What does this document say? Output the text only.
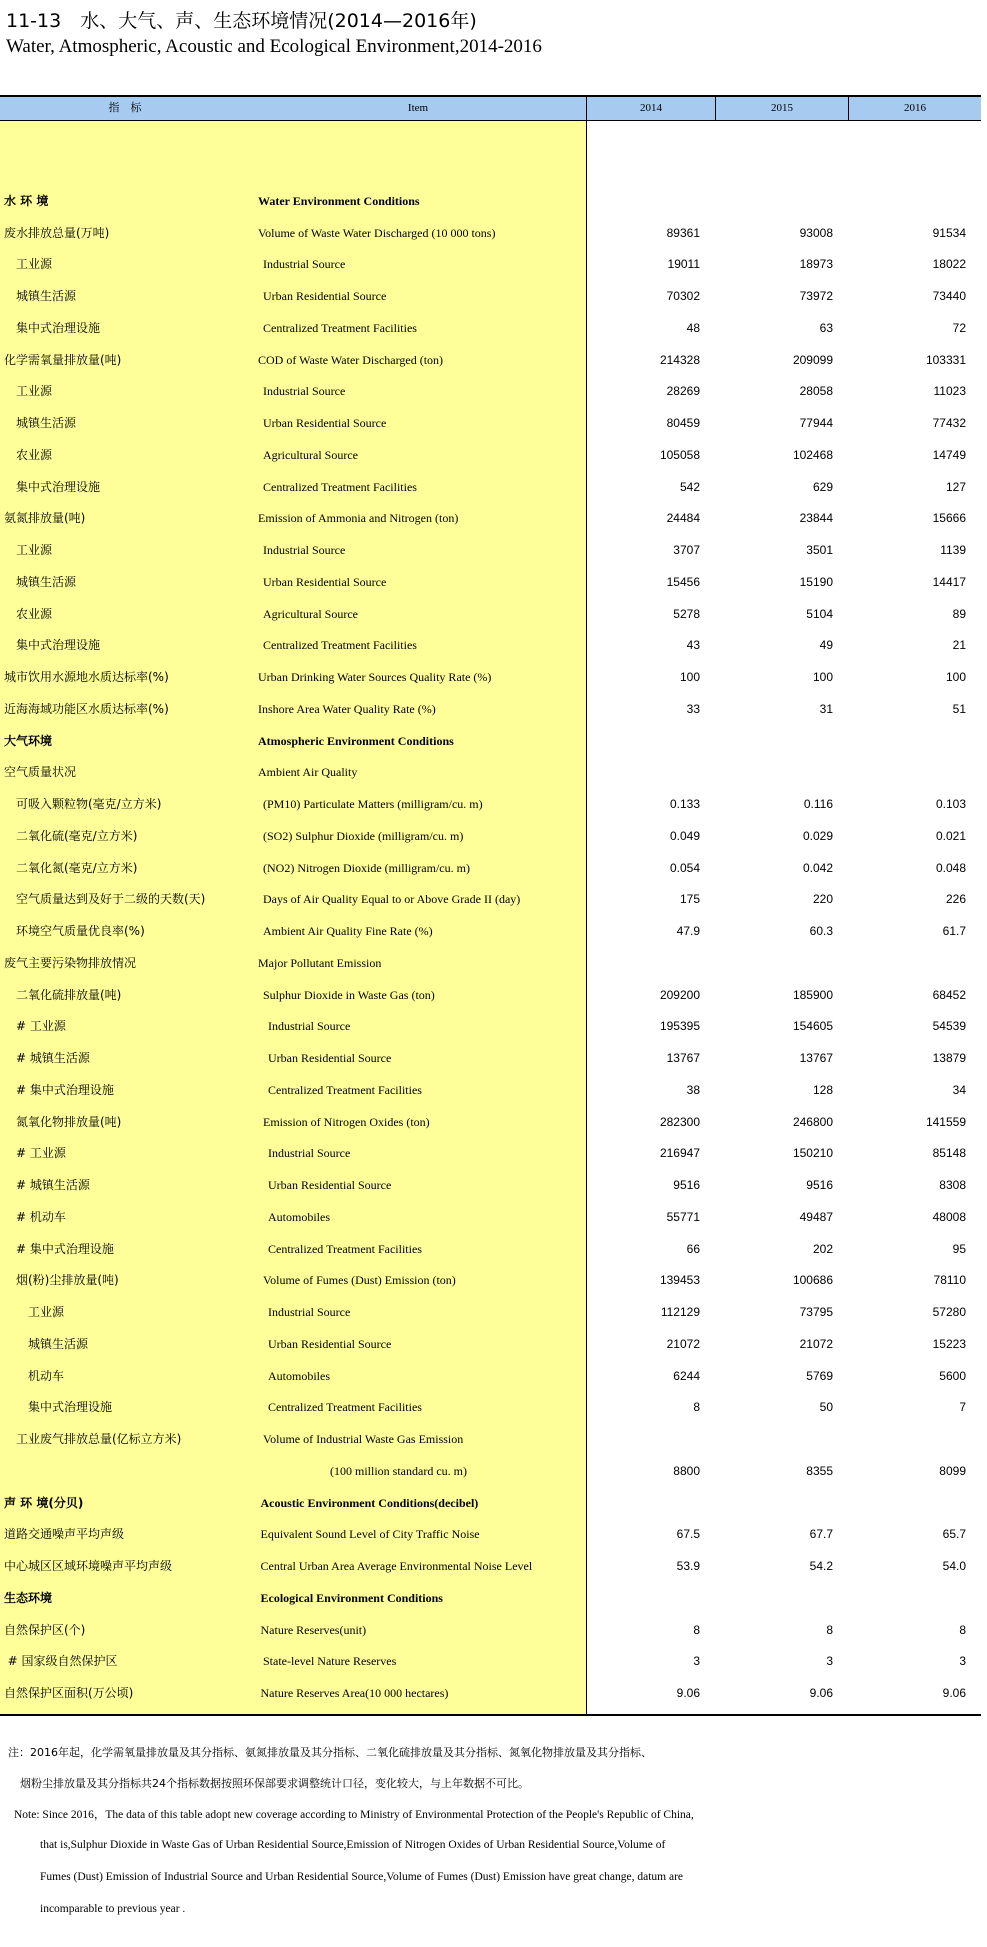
11-13　水、大气、声、生态环境情况(2014—2016年)
Water, Atmospheric, Acoustic and Ecological Environment,2014-2016
指　标	Item	2014	2015	2016
水 环 境	Water Environment Conditions
废水排放总量(万吨)	Volume of Waste Water Discharged (10 000 tons)	89361	93008	91534
工业源	Industrial Source	19011	18973	18022
城镇生活源	Urban Residential Source	70302	73972	73440
集中式治理设施	Centralized Treatment Facilities	48	63	72
化学需氧量排放量(吨)	COD of Waste Water Discharged (ton)	214328	209099	103331
工业源	Industrial Source	28269	28058	11023
城镇生活源	Urban Residential Source	80459	77944	77432
农业源	Agricultural Source	105058	102468	14749
集中式治理设施	Centralized Treatment Facilities	542	629	127
氨氮排放量(吨)	Emission of Ammonia and Nitrogen (ton)	24484	23844	15666
工业源	Industrial Source	3707	3501	1139
城镇生活源	Urban Residential Source	15456	15190	14417
农业源	Agricultural Source	5278	5104	89
集中式治理设施	Centralized Treatment Facilities	43	49	21
城市饮用水源地水质达标率(%)	Urban Drinking Water Sources Quality Rate (%)	100	100	100
近海海域功能区水质达标率(%)	Inshore Area Water Quality Rate (%)	33	31	51
大气环境	Atmospheric Environment Conditions
空气质量状况	Ambient Air Quality
可吸入颗粒物(毫克/立方米)	(PM10) Particulate Matters (milligram/cu. m)	0.133	0.116	0.103
二氧化硫(毫克/立方米)	(SO2) Sulphur Dioxide (milligram/cu. m)	0.049	0.029	0.021
二氧化氮(毫克/立方米)	(NO2) Nitrogen Dioxide (milligram/cu. m)	0.054	0.042	0.048
空气质量达到及好于二级的天数(天)	Days of Air Quality Equal to or Above Grade II (day)	175	220	226
环境空气质量优良率(%)	Ambient Air Quality Fine Rate (%)	47.9	60.3	61.7
废气主要污染物排放情况	Major Pollutant Emission
二氧化硫排放量(吨)	Sulphur Dioxide in Waste Gas (ton)	209200	185900	68452
# 工业源	Industrial Source	195395	154605	54539
# 城镇生活源	Urban Residential Source	13767	13767	13879
# 集中式治理设施	Centralized Treatment Facilities	38	128	34
氮氧化物排放量(吨)	Emission of Nitrogen Oxides (ton)	282300	246800	141559
# 工业源	Industrial Source	216947	150210	85148
# 城镇生活源	Urban Residential Source	9516	9516	8308
# 机动车	Automobiles	55771	49487	48008
# 集中式治理设施	Centralized Treatment Facilities	66	202	95
烟(粉)尘排放量(吨)	Volume of Fumes (Dust) Emission (ton)	139453	100686	78110
工业源	Industrial Source	112129	73795	57280
城镇生活源	Urban Residential Source	21072	21072	15223
机动车	Automobiles	6244	5769	5600
集中式治理设施	Centralized Treatment Facilities	8	50	7
工业废气排放总量(亿标立方米)	Volume of Industrial Waste Gas Emission
(100 million standard cu. m)	8800	8355	8099
声 环 境(分贝)	Acoustic Environment Conditions(decibel)
道路交通噪声平均声级	Equivalent Sound Level of City Traffic Noise	67.5	67.7	65.7
中心城区区域环境噪声平均声级	Central Urban Area Average Environmental Noise Level	53.9	54.2	54.0
生态环境	Ecological Environment Conditions
自然保护区(个)	Nature Reserves(unit)	8	8	8
# 国家级自然保护区	State-level Nature Reserves	3	3	3
自然保护区面积(万公顷)	Nature Reserves Area(10 000 hectares)	9.06	9.06	9.06
注：2016年起，化学需氧量排放量及其分指标、氨氮排放量及其分指标、二氧化硫排放量及其分指标、氮氧化物排放量及其分指标、
烟粉尘排放量及其分指标共24个指标数据按照环保部要求调整统计口径，变化较大，与上年数据不可比。
Note: Since 2016，The data of this table adopt new coverage according to Ministry of Environmental Protection of the People's Republic of China,
that is,Sulphur Dioxide in Waste Gas of Urban Residential Source,Emission of Nitrogen Oxides of Urban Residential Source,Volume of
Fumes (Dust) Emission of Industrial Source and Urban Residential Source,Volume of Fumes (Dust) Emission have great change, datum are
incomparable to previous year .
